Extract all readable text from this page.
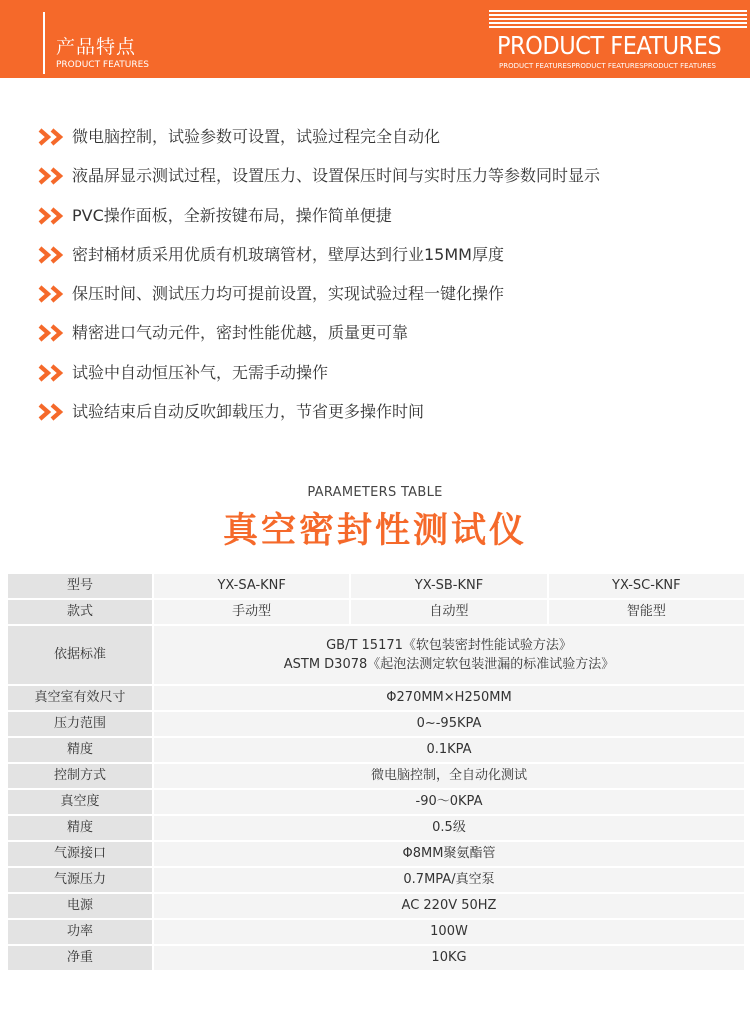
产品特点
PRODUCT FEATURES
PRODUCT FEATURES
PRODUCT FEATURESPRODUCT FEATURESPRODUCT FEATURES
微电脑控制，试验参数可设置，试验过程完全自动化
液晶屏显示测试过程，设置压力、设置保压时间与实时压力等参数同时显示
PVC操作面板，全新按键布局，操作简单便捷
密封桶材质采用优质有机玻璃管材，壁厚达到行业15MM厚度
保压时间、测试压力均可提前设置，实现试验过程一键化操作
精密进口气动元件，密封性能优越，质量更可靠
试验中自动恒压补气，无需手动操作
试验结束后自动反吹卸载压力，节省更多操作时间
PARAMETERS TABLE
真空密封性测试仪
型号	YX-SA-KNF	YX-SB-KNF	YX-SC-KNF
款式	手动型	自动型	智能型
依据标准	GB/T 15171《软包装密封性能试验方法》
ASTM D3078《起泡法测定软包装泄漏的标准试验方法》		

真空室有效尺寸	Φ270MM×H250MM		
压力范围	0~-95KPA		
精度	0.1KPA		
控制方式	微电脑控制，全自动化测试		
真空度	-90～0KPA		
精度	0.5级		
气源接口	Φ8MM聚氨酯管		
气源压力	0.7MPA/真空泵		
电源	AC 220V 50HZ		
功率	100W		
净重	10KG		
